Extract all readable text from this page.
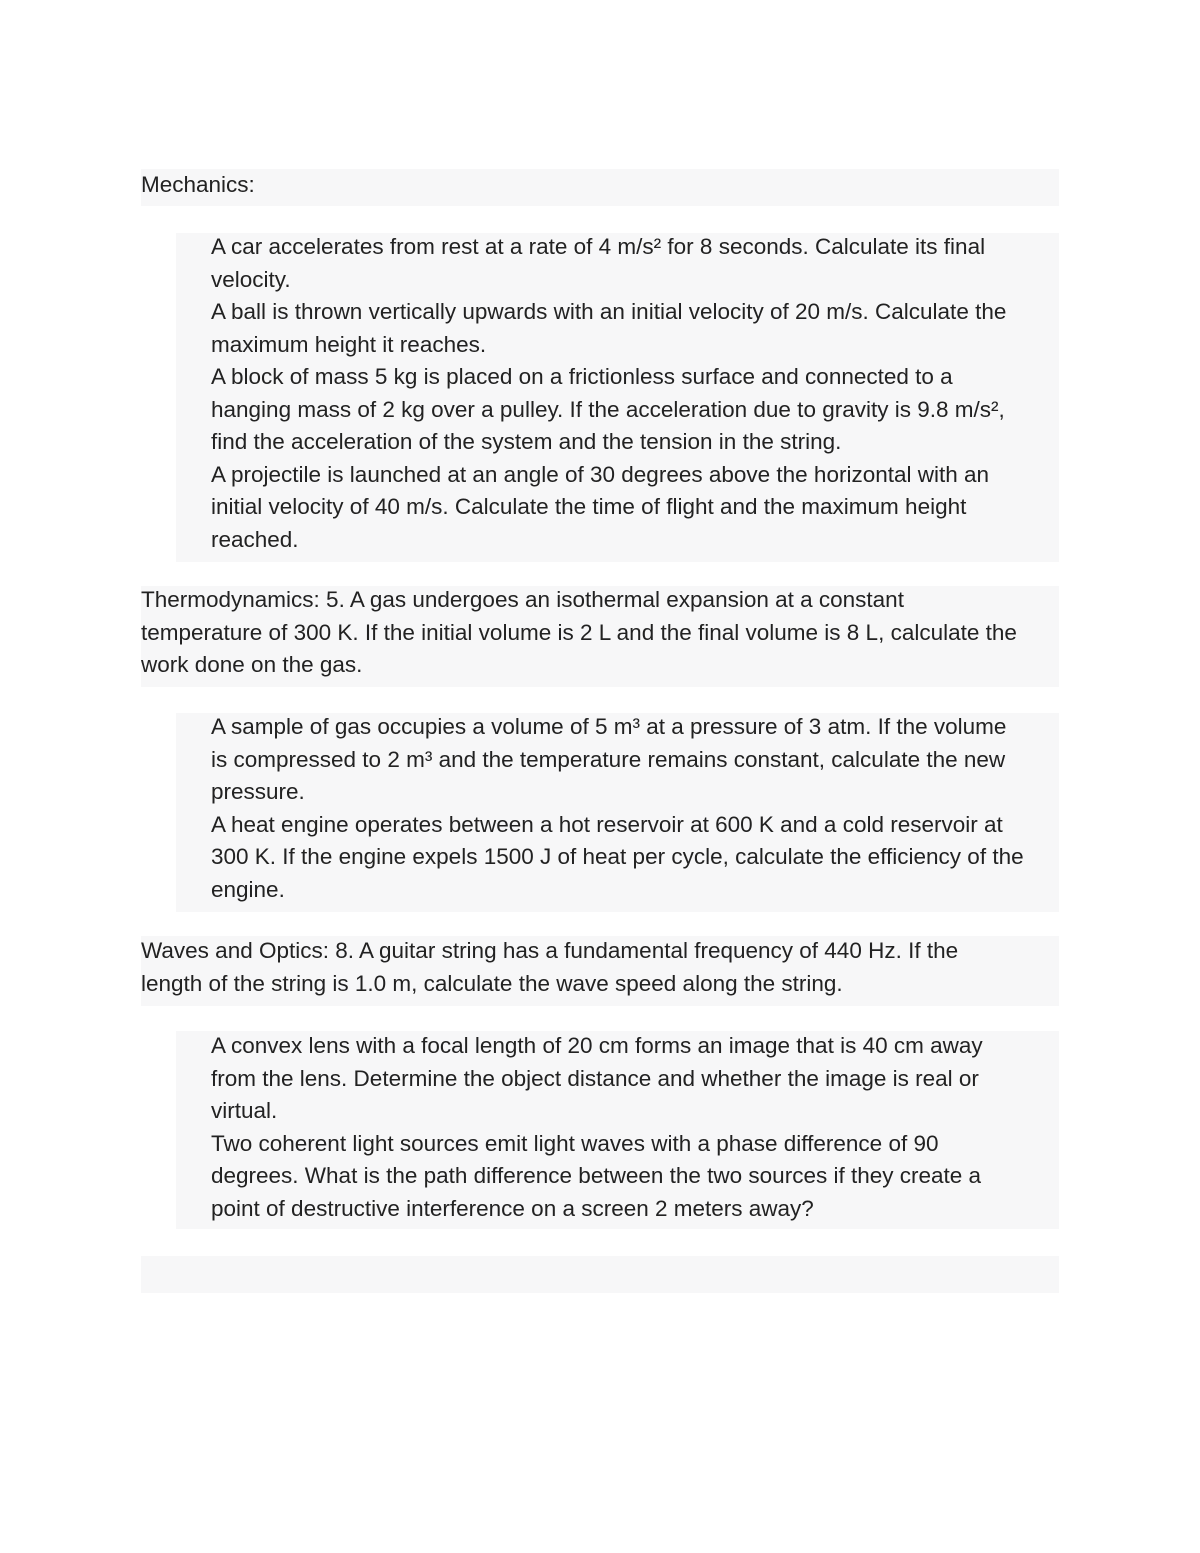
Mechanics:
A car accelerates from rest at a rate of 4 m/s² for 8 seconds. Calculate its final
velocity.
A ball is thrown vertically upwards with an initial velocity of 20 m/s. Calculate the
maximum height it reaches.
A block of mass 5 kg is placed on a frictionless surface and connected to a
hanging mass of 2 kg over a pulley. If the acceleration due to gravity is 9.8 m/s²,
find the acceleration of the system and the tension in the string.
A projectile is launched at an angle of 30 degrees above the horizontal with an
initial velocity of 40 m/s. Calculate the time of flight and the maximum height
reached.
Thermodynamics: 5. A gas undergoes an isothermal expansion at a constant
temperature of 300 K. If the initial volume is 2 L and the final volume is 8 L, calculate the
work done on the gas.
A sample of gas occupies a volume of 5 m³ at a pressure of 3 atm. If the volume
is compressed to 2 m³ and the temperature remains constant, calculate the new
pressure.
A heat engine operates between a hot reservoir at 600 K and a cold reservoir at
300 K. If the engine expels 1500 J of heat per cycle, calculate the efficiency of the
engine.
Waves and Optics: 8. A guitar string has a fundamental frequency of 440 Hz. If the
length of the string is 1.0 m, calculate the wave speed along the string.
A convex lens with a focal length of 20 cm forms an image that is 40 cm away
from the lens. Determine the object distance and whether the image is real or
virtual.
Two coherent light sources emit light waves with a phase difference of 90
degrees. What is the path difference between the two sources if they create a
point of destructive interference on a screen 2 meters away?
